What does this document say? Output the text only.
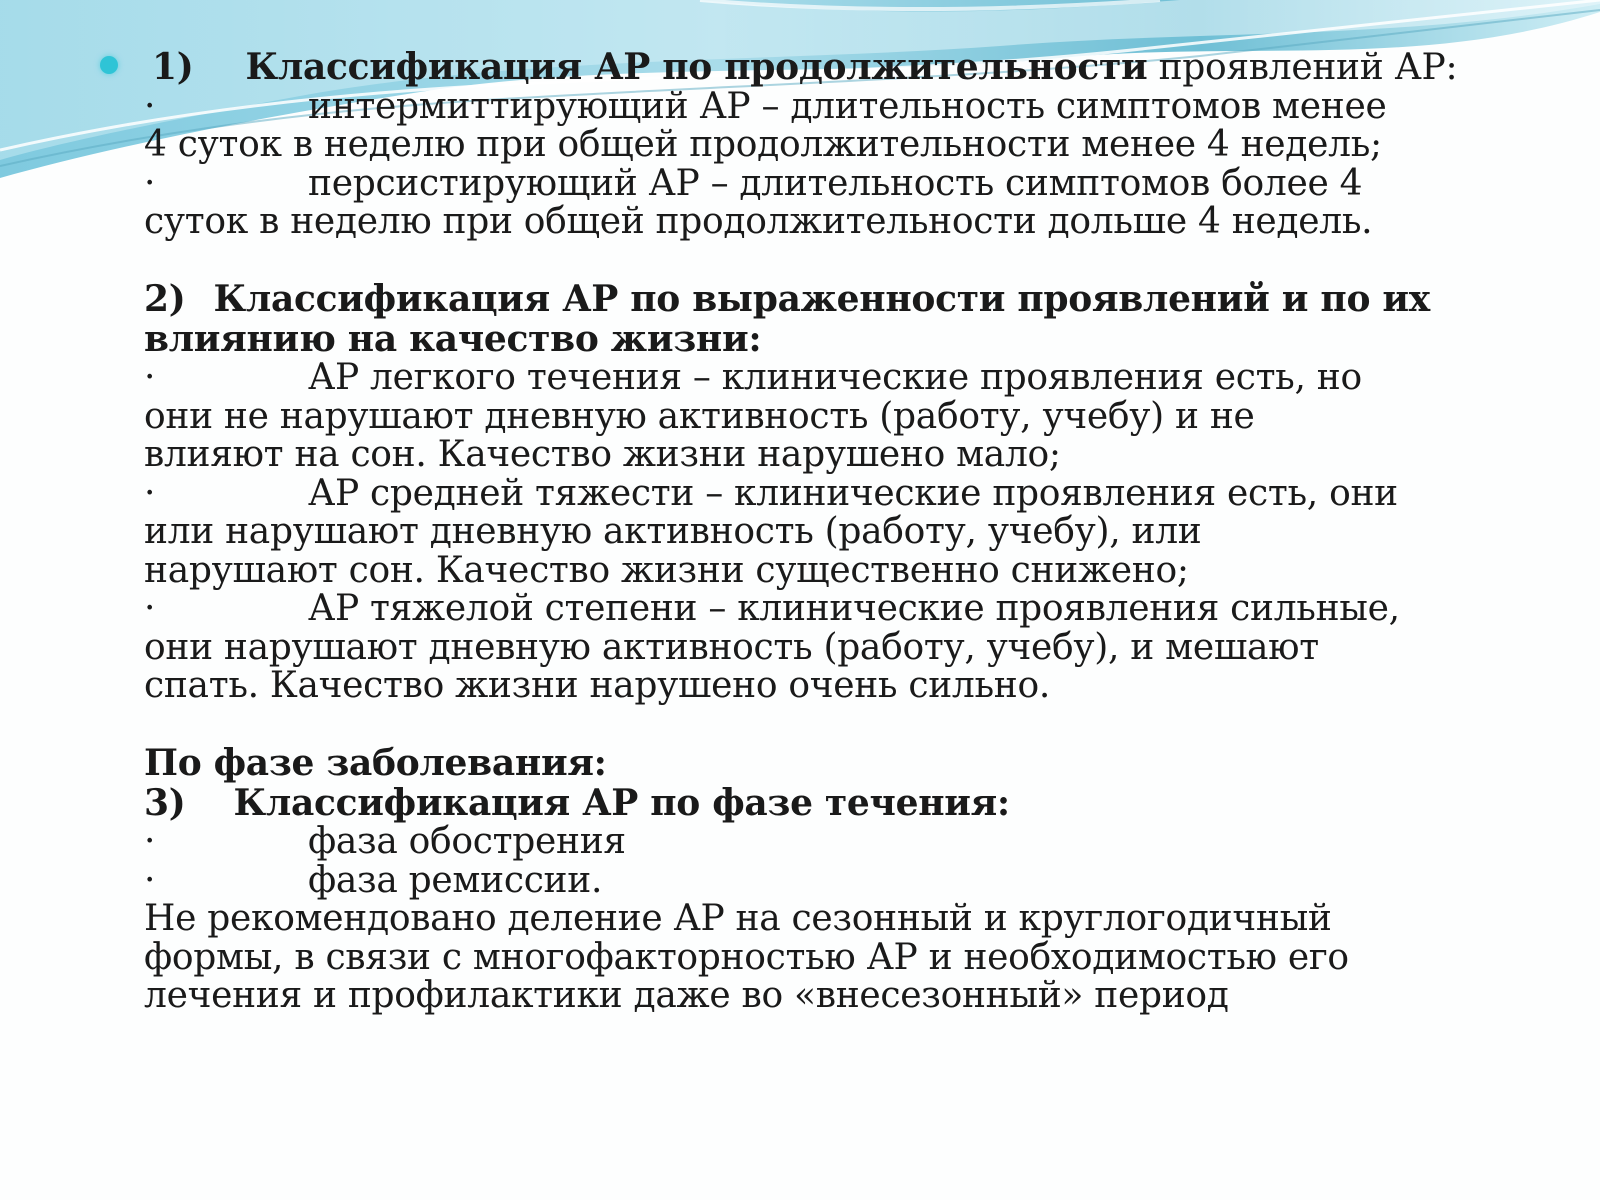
1) Классификация АР по продолжительности проявлений АР:

·	интермиттирующий АР – длительность симптомов менее

4 суток в неделю при общей продолжительности менее 4 недель;

·	персистирующий АР – длительность симптомов более 4

суток в неделю при общей продолжительности дольше 4 недель.

2) Классификация АР по выраженности проявлений и по их

влиянию на качество жизни:

·	АР легкого течения – клинические проявления есть, но

они не нарушают дневную активность (работу, учебу) и не

влияют на сон. Качество жизни нарушено мало;

·	АР средней тяжести – клинические проявления есть, они

или нарушают дневную активность (работу, учебу), или

нарушают сон. Качество жизни существенно снижено;

·	АР тяжелой степени – клинические проявления сильные,

они нарушают дневную активность (работу, учебу), и мешают

спать. Качество жизни нарушено очень сильно.

По фазе заболевания:

3) Классификация АР по фазе течения:

·	фаза обострения

·	фаза ремиссии.

Не рекомендовано деление АР на сезонный и круглогодичный

формы, в связи с многофакторностью АР и необходимостью его

лечения и профилактики даже во «внесезонный» период
